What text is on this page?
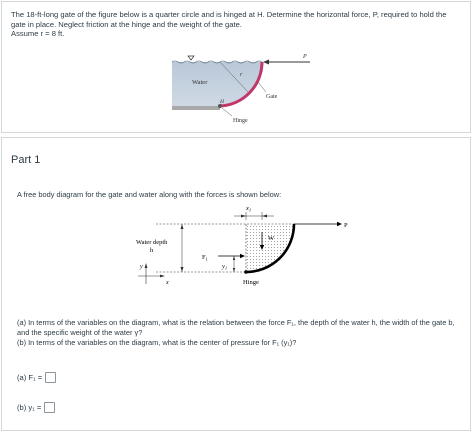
The 18-ft-long gate of the figure below is a quarter circle and is hinged at H. Determine the horizontal force, P, required to hold the

gate in place. Neglect friction at the hinge and the weight of the gate.

Assume r = 8 ft.

Water
r
P
H
Gate
Hinge
Part 1
A free body diagram for the gate and water along with the forces is shown below:
$x_1$
P
W
Water depth
h
$F_1$
$y_1$
y
x	Hinge

(a) In terms of the variables on the diagram, what is the relation between the force F₁, the depth of the water h, the width of the gate b,

and the specific weight of the water γ?

(b) In terms of the variables on the diagram, what is the center of pressure for F₁ (y₁)?

(a) F₁ =
(b) y₁ =
